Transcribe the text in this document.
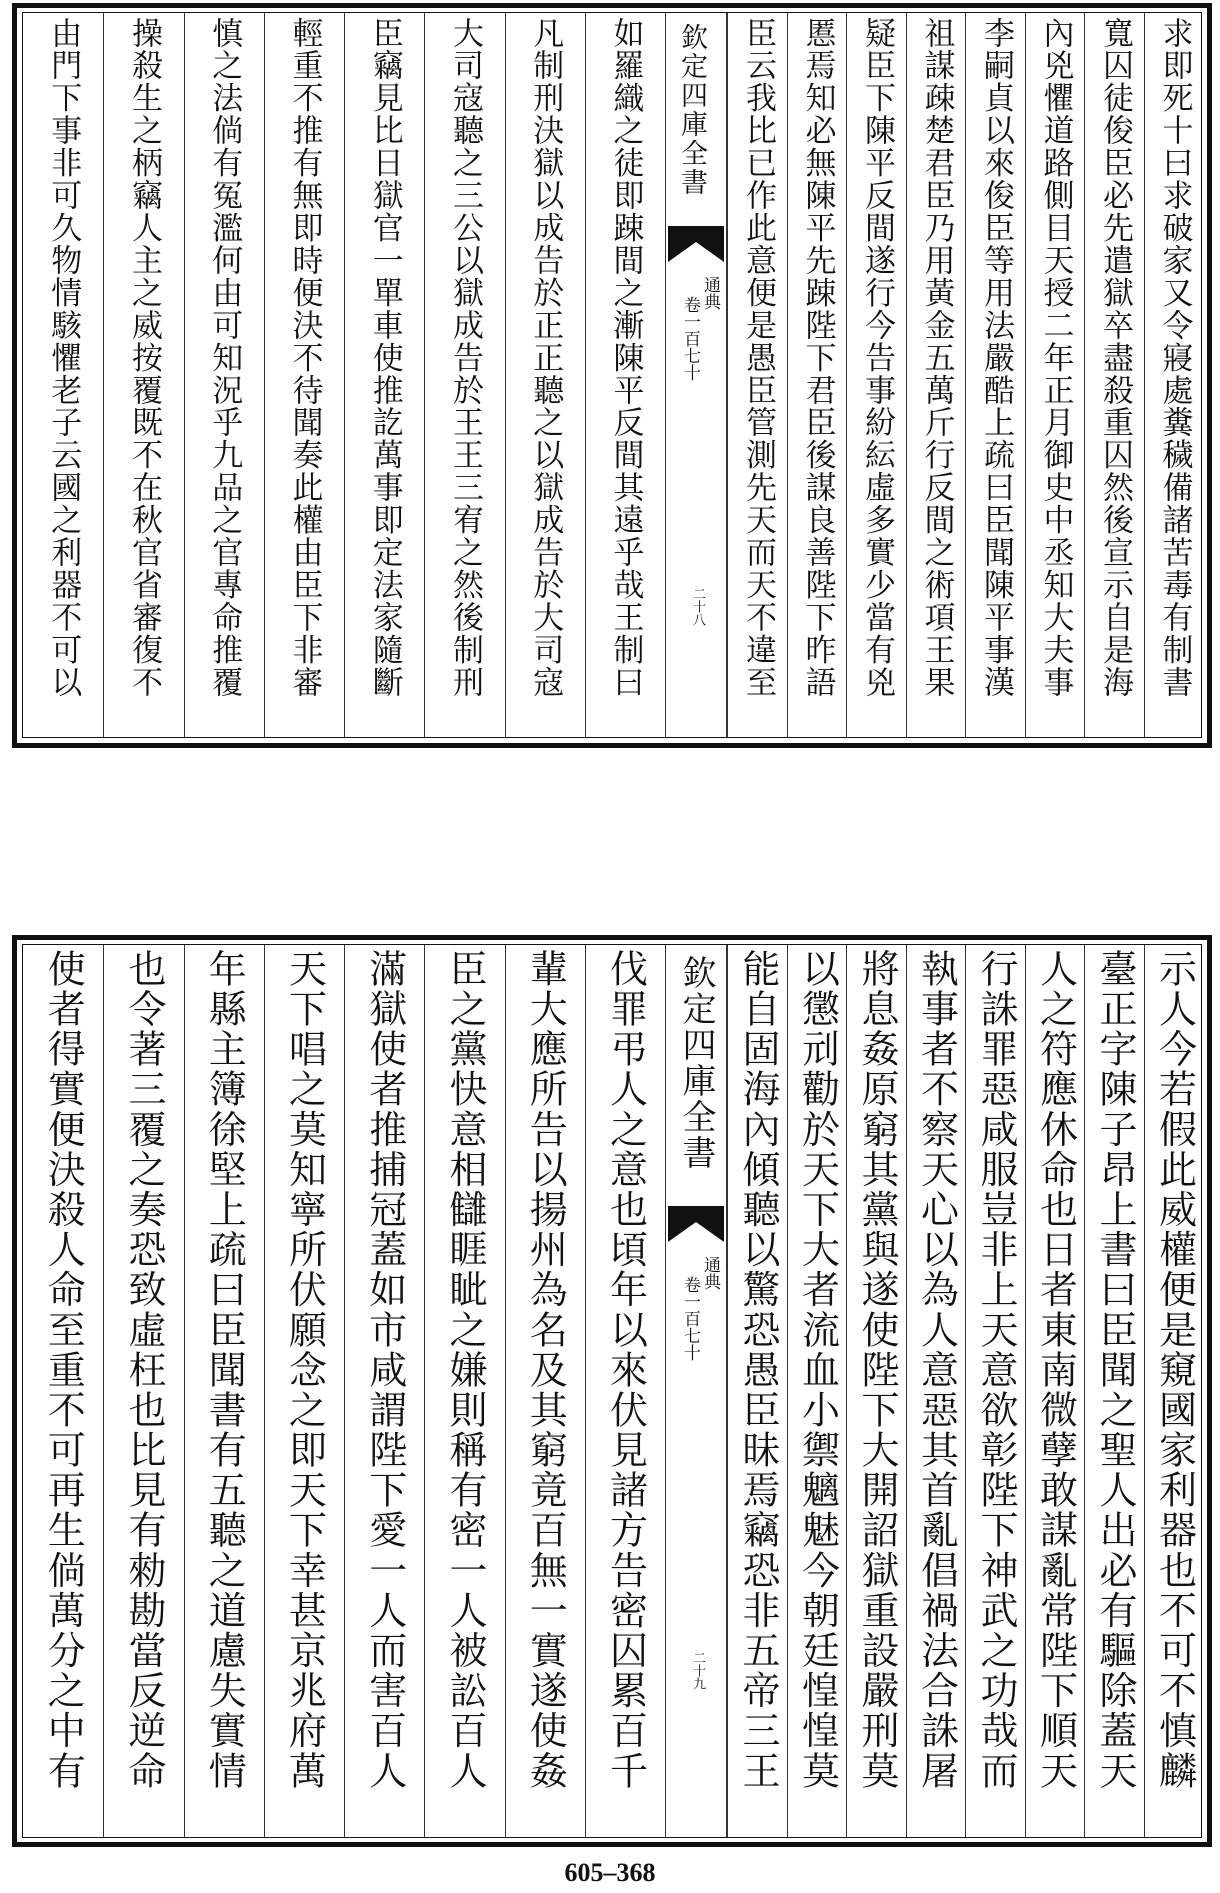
求即死十曰求破家又令寢處糞穢備諸苦毒有制書
寬囚徒俊臣必先遣獄卒盡殺重囚然後宣示自是海
內兇懼道路側目天授二年正月御史中丞知大夫事
李嗣貞以來俊臣等用法嚴酷上疏曰臣聞陳平事漢
祖謀疎楚君臣乃用黃金五萬斤行反間之術項王果
疑臣下陳平反間遂行今告事紛紜虛多實少當有兇
慝焉知必無陳平先踈陛下君臣後謀良善陛下昨語
臣云我比已作此意便是愚臣管測先天而天不違至
欽定四庫全書
通典
卷一百七十
二十八
如羅織之徒即踈間之漸陳平反間其遠乎哉王制曰
凡制刑決獄以成告於正正聽之以獄成告於大司寇
大司寇聽之三公以獄成告於王王三宥之然後制刑
臣竊見比日獄官一單車使推訖萬事即定法家隨斷
輕重不推有無即時便決不待聞奏此權由臣下非審
慎之法倘有冤濫何由可知況乎九品之官專命推覆
操殺生之柄竊人主之威按覆既不在秋官省審復不
由門下事非可久物情駭懼老子云國之利器不可以
示人今若假此威權便是窺國家利器也不可不慎麟
臺正字陳子昂上書曰臣聞之聖人出必有驅除蓋天
人之符應休命也日者東南微孽敢謀亂常陛下順天
行誅罪惡咸服豈非上天意欲彰陛下神武之功哉而
執事者不察天心以為人意惡其首亂倡禍法合誅屠
將息姦原窮其黨與遂使陛下大開詔獄重設嚴刑莫
以懲刓勸於天下大者流血小禦魑魅今朝廷惶惶莫
能自固海內傾聽以驚恐愚臣昧焉竊恐非五帝三王
欽定四庫全書
通典
卷一百七十
二十九
伐罪弔人之意也頃年以來伏見諸方告密囚累百千
輩大應所告以揚州為名及其窮竟百無一實遂使姦
臣之黨快意相讎睚眦之嫌則稱有密一人被訟百人
滿獄使者推捕冠蓋如市咸謂陛下愛一人而害百人
天下唱之莫知寧所伏願念之即天下幸甚京兆府萬
年縣主簿徐堅上疏曰臣聞書有五聽之道慮失實情
也令著三覆之奏恐致虛枉也比見有勑勘當反逆命
使者得實便決殺人命至重不可再生倘萬分之中有
605–368
